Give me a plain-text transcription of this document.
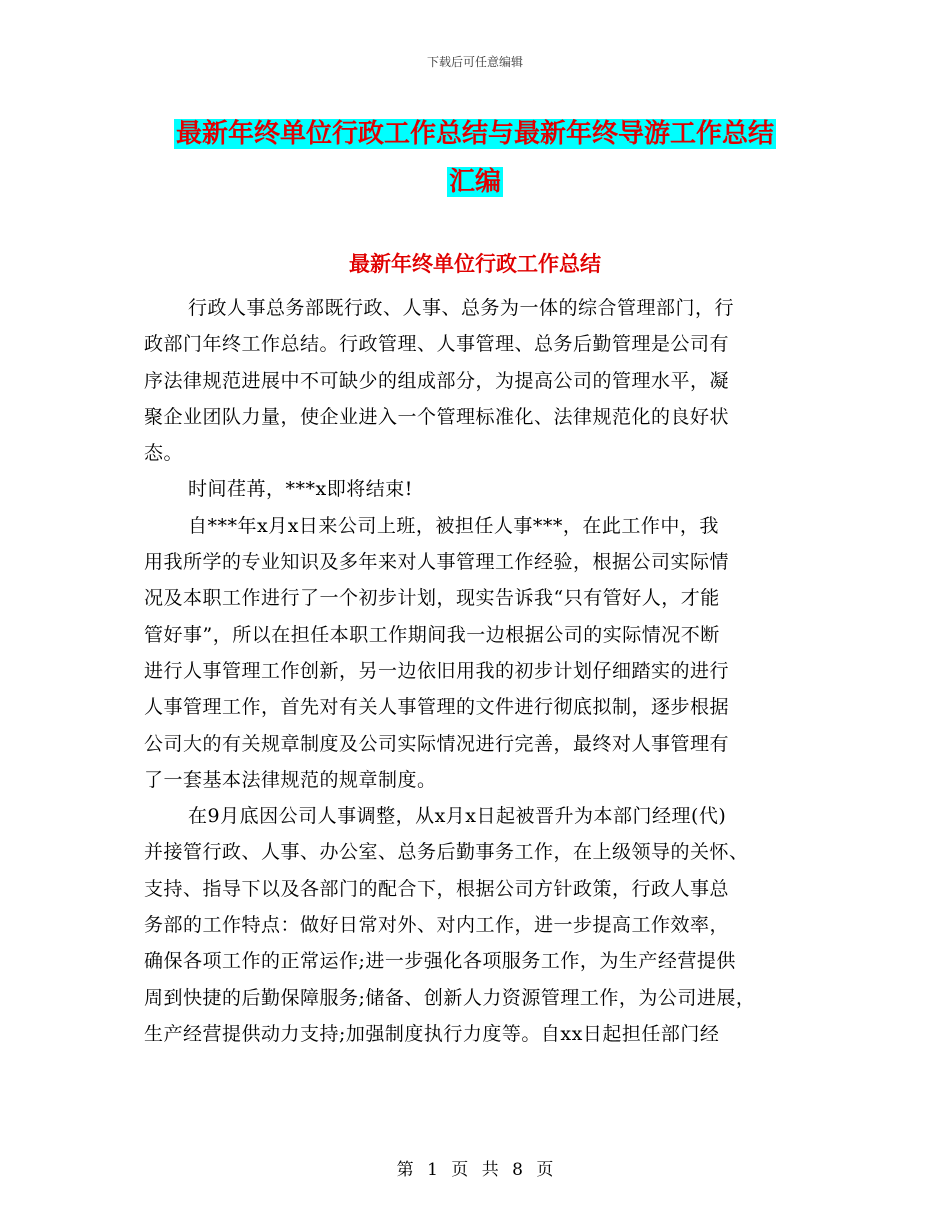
下载后可任意编辑
最新年终单位行政工作总结与最新年终导游工作总结
汇编
最新年终单位行政工作总结

行政人事总务部既行政、人事、总务为一体的综合管理部门，行

政部门年终工作总结。行政管理、人事管理、总务后勤管理是公司有

序法律规范进展中不可缺少的组成部分，为提高公司的管理水平，凝

聚企业团队力量，使企业进入一个管理标准化、法律规范化的良好状

态。

时间荏苒，***x即将结束!

自***年x月x日来公司上班，被担任人事***，在此工作中，我

用我所学的专业知识及多年来对人事管理工作经验，根据公司实际情

况及本职工作进行了一个初步计划，现实告诉我“只有管好人，才能

管好事”，所以在担任本职工作期间我一边根据公司的实际情况不断

进行人事管理工作创新，另一边依旧用我的初步计划仔细踏实的进行

人事管理工作，首先对有关人事管理的文件进行彻底拟制，逐步根据

公司大的有关规章制度及公司实际情况进行完善，最终对人事管理有

了一套基本法律规范的规章制度。

在9月底因公司人事调整，从x月x日起被晋升为本部门经理(代)

并接管行政、人事、办公室、总务后勤事务工作，在上级领导的关怀、

支持、指导下以及各部门的配合下，根据公司方针政策，行政人事总

务部的工作特点：做好日常对外、对内工作，进一步提高工作效率，

确保各项工作的正常运作;进一步强化各项服务工作，为生产经营提供

周到快捷的后勤保障服务;储备、创新人力资源管理工作，为公司进展，

生产经营提供动力支持;加强制度执行力度等。自xx日起担任部门经

第 1 页 共 8 页
